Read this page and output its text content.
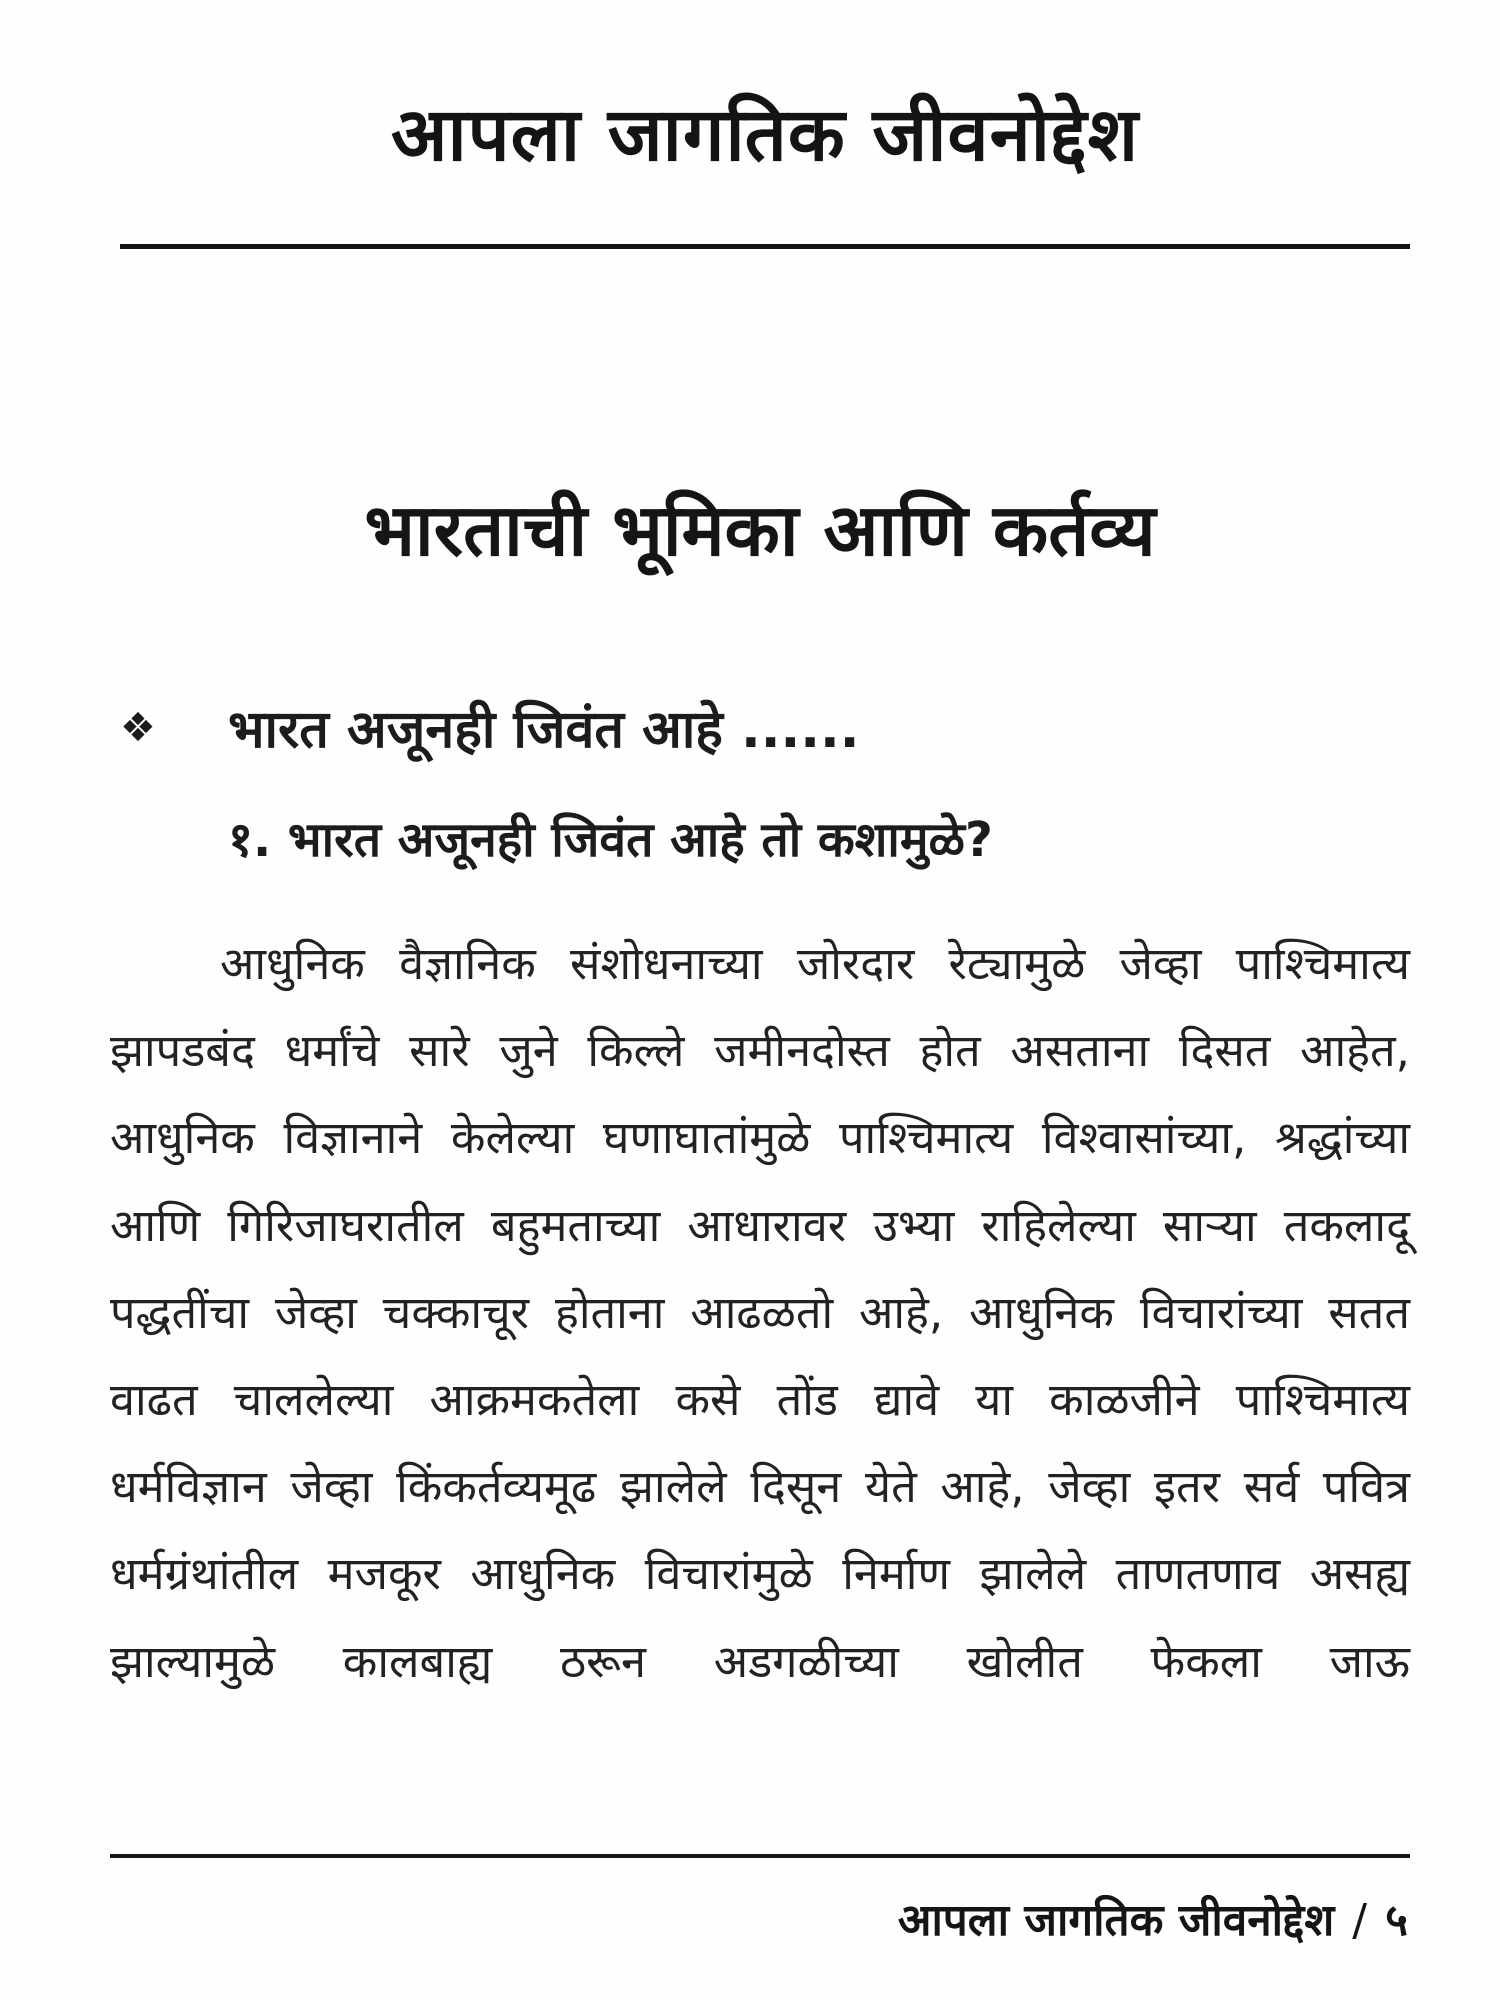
आपला जागतिक जीवनोद्देश
भारताची भूमिका आणि कर्तव्य
❖ भारत अजूनही जिवंत आहे ......
१. भारत अजूनही जिवंत आहे तो कशामुळे?

आधुनिक वैज्ञानिक संशोधनाच्या जोरदार रेट्यामुळे जेव्हा पाश्चिमात्य झापडबंद धर्मांचे सारे जुने किल्ले जमीनदोस्त होत असताना दिसत आहेत, आधुनिक विज्ञानाने केलेल्या घणाघातांमुळे पाश्चिमात्य विश्वासांच्या, श्रद्धांच्या आणि गिरिजाघरातील बहुमताच्या आधारावर उभ्या राहिलेल्या साऱ्या तकलादू पद्धतींचा जेव्हा चक्काचूर होताना आढळतो आहे, आधुनिक विचारांच्या सतत वाढत चाललेल्या आक्रमकतेला कसे तोंड द्यावे या काळजीने पाश्चिमात्य धर्मविज्ञान जेव्हा किंकर्तव्यमूढ झालेले दिसून येते आहे, जेव्हा इतर सर्व पवित्र धर्मग्रंथांतील मजकूर आधुनिक विचारांमुळे निर्माण झालेले ताणतणाव असह्य झाल्यामुळे कालबाह्य ठरून अडगळीच्या खोलीत फेकला जाऊ

आपला जागतिक जीवनोद्देश / ५
